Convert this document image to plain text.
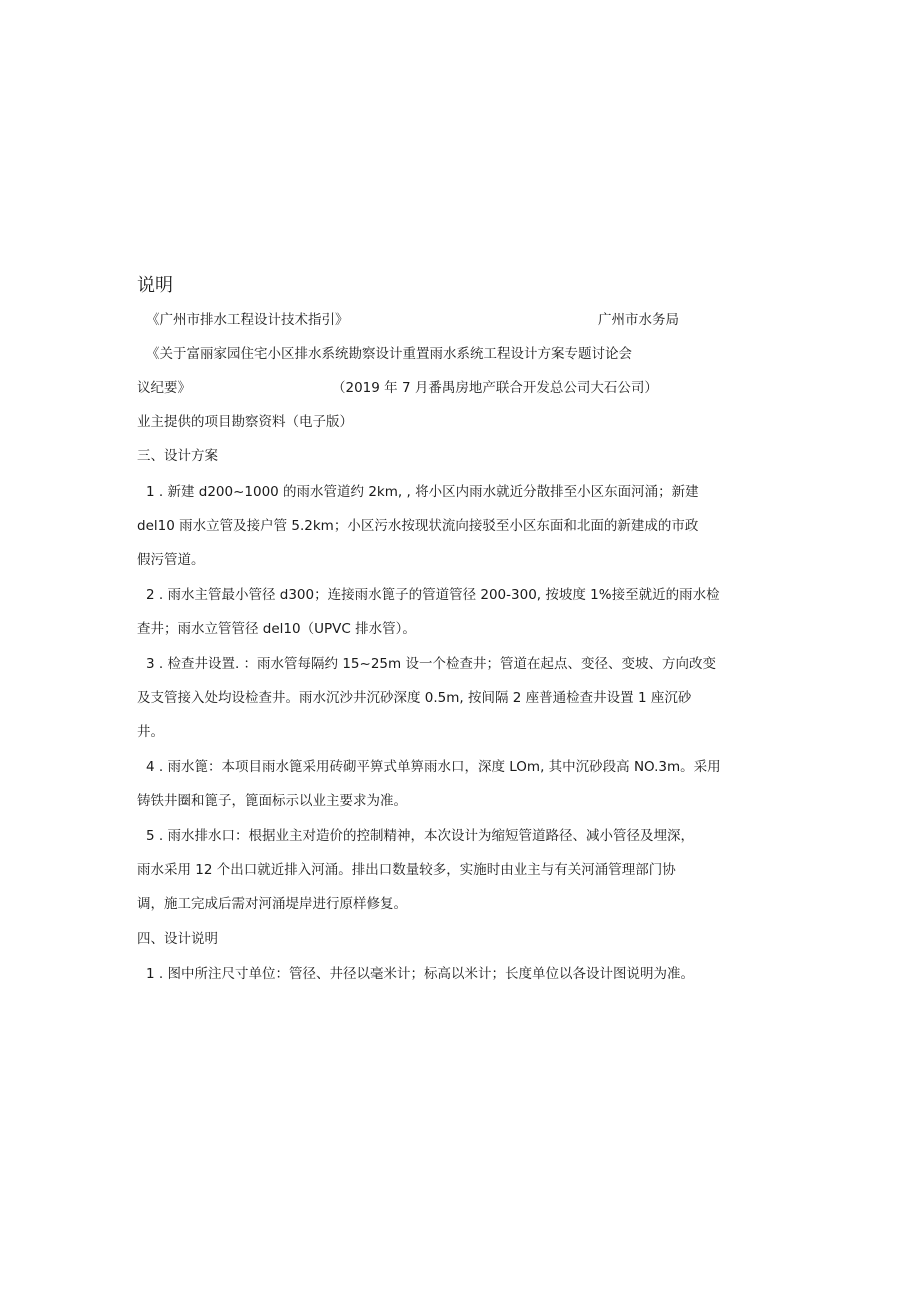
说明
《广州市排水工程设计技术指引》	广州市水务局
《关于富丽家园住宅小区排水系统勘察设计重置雨水系统工程设计方案专题讨论会
议纪要》	（2019 年 7 月番禺房地产联合开发总公司大石公司）
业主提供的项目勘察资料（电子版）
三、设计方案
1 . 新建 d200~1000 的雨水管道约 2km, , 将小区内雨水就近分散排至小区东面河涌；新建
del10 雨水立管及接户管 5.2km；小区污水按现状流向接驳至小区东面和北面的新建成的市政
假污管道。
2 . 雨水主管最小管径 d300；连接雨水篦子的管道管径 200-300, 按坡度 1%接至就近的雨水检
查井；雨水立管管径 del10（UPVC 排水管）。
3 . 检查井设置. ：雨水管每隔约 15~25m 设一个检查井；管道在起点、变径、变坡、方向改变
及支管接入处均设检查井。雨水沉沙井沉砂深度 0.5m, 按间隔 2 座普通检查井设置 1 座沉砂
井。
4 . 雨水篦：本项目雨水篦采用砖砌平箅式单箅雨水口，深度 LOm, 其中沉砂段高 NO.3m。采用
铸铁井圈和篦子，篦面标示以业主要求为准。
5 . 雨水排水口：根据业主对造价的控制精神，本次设计为缩短管道路径、减小管径及埋深，
雨水采用 12 个出口就近排入河涌。排出口数量较多，实施时由业主与有关河涌管理部门协
调，施工完成后需对河涌堤岸进行原样修复。
四、设计说明
1 . 图中所注尺寸单位：管径、井径以毫米计；标高以米计；长度单位以各设计图说明为准。
